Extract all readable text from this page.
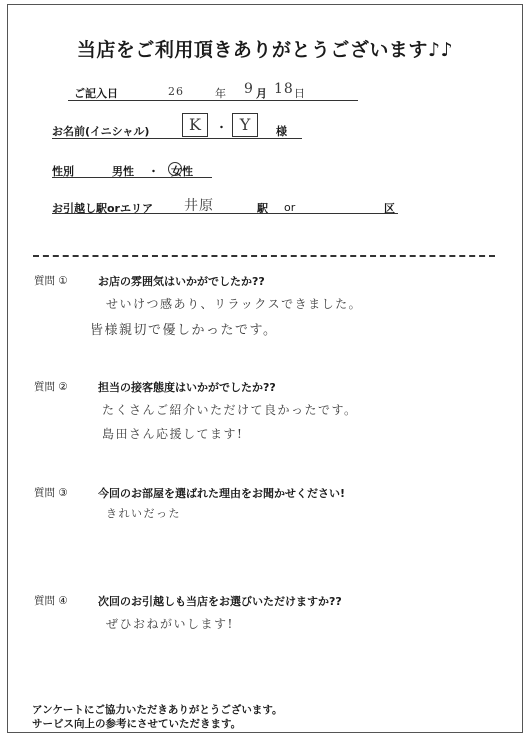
当店をご利用頂きありがとうございます♪♪
ご記入日	26	年 9 月 18 日
お名前(イニシャル)	K	・ Y	様
性別	男性 ・ 女性
お引越し駅orエリア 井原	駅 or	区
質問 ①	お店の雰囲気はいかがでしたか??
せいけつ感あり、リラックスできました。
皆様親切で優しかったです。
質問 ②	担当の接客態度はいかがでしたか??
たくさんご紹介いただけて良かったです。
島田さん応援してます!
質問 ③	今回のお部屋を選ばれた理由をお聞かせください!
きれいだった
質問 ④	次回のお引越しも当店をお選びいただけますか??
ぜひおねがいします!
アンケートにご協力いただきありがとうございます。
サービス向上の参考にさせていただきます。
